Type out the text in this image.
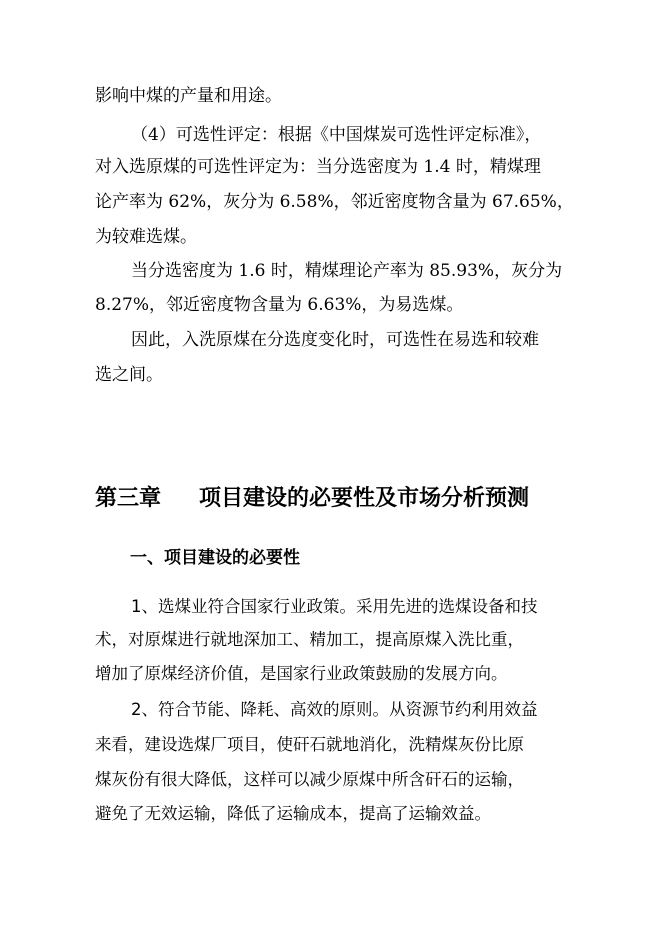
影响中煤的产量和用途。
（4）可选性评定：根据《中国煤炭可选性评定标准》，
对入选原煤的可选性评定为：当分选密度为 1.4 时，精煤理
论产率为 62%，灰分为 6.58%，邻近密度物含量为 67.65%，
为较难选煤。
当分选密度为 1.6 时，精煤理论产率为 85.93%，灰分为
8.27%，邻近密度物含量为 6.63%，为易选煤。
因此，入洗原煤在分选度变化时，可选性在易选和较难
选之间。
第三章 项目建设的必要性及市场分析预测
一、项目建设的必要性
1、选煤业符合国家行业政策。采用先进的选煤设备和技
术，对原煤进行就地深加工、精加工，提高原煤入洗比重，
增加了原煤经济价值，是国家行业政策鼓励的发展方向。
2、符合节能、降耗、高效的原则。从资源节约利用效益
来看，建设选煤厂项目，使矸石就地消化，洗精煤灰份比原
煤灰份有很大降低，这样可以减少原煤中所含矸石的运输，
避免了无效运输，降低了运输成本，提高了运输效益。
